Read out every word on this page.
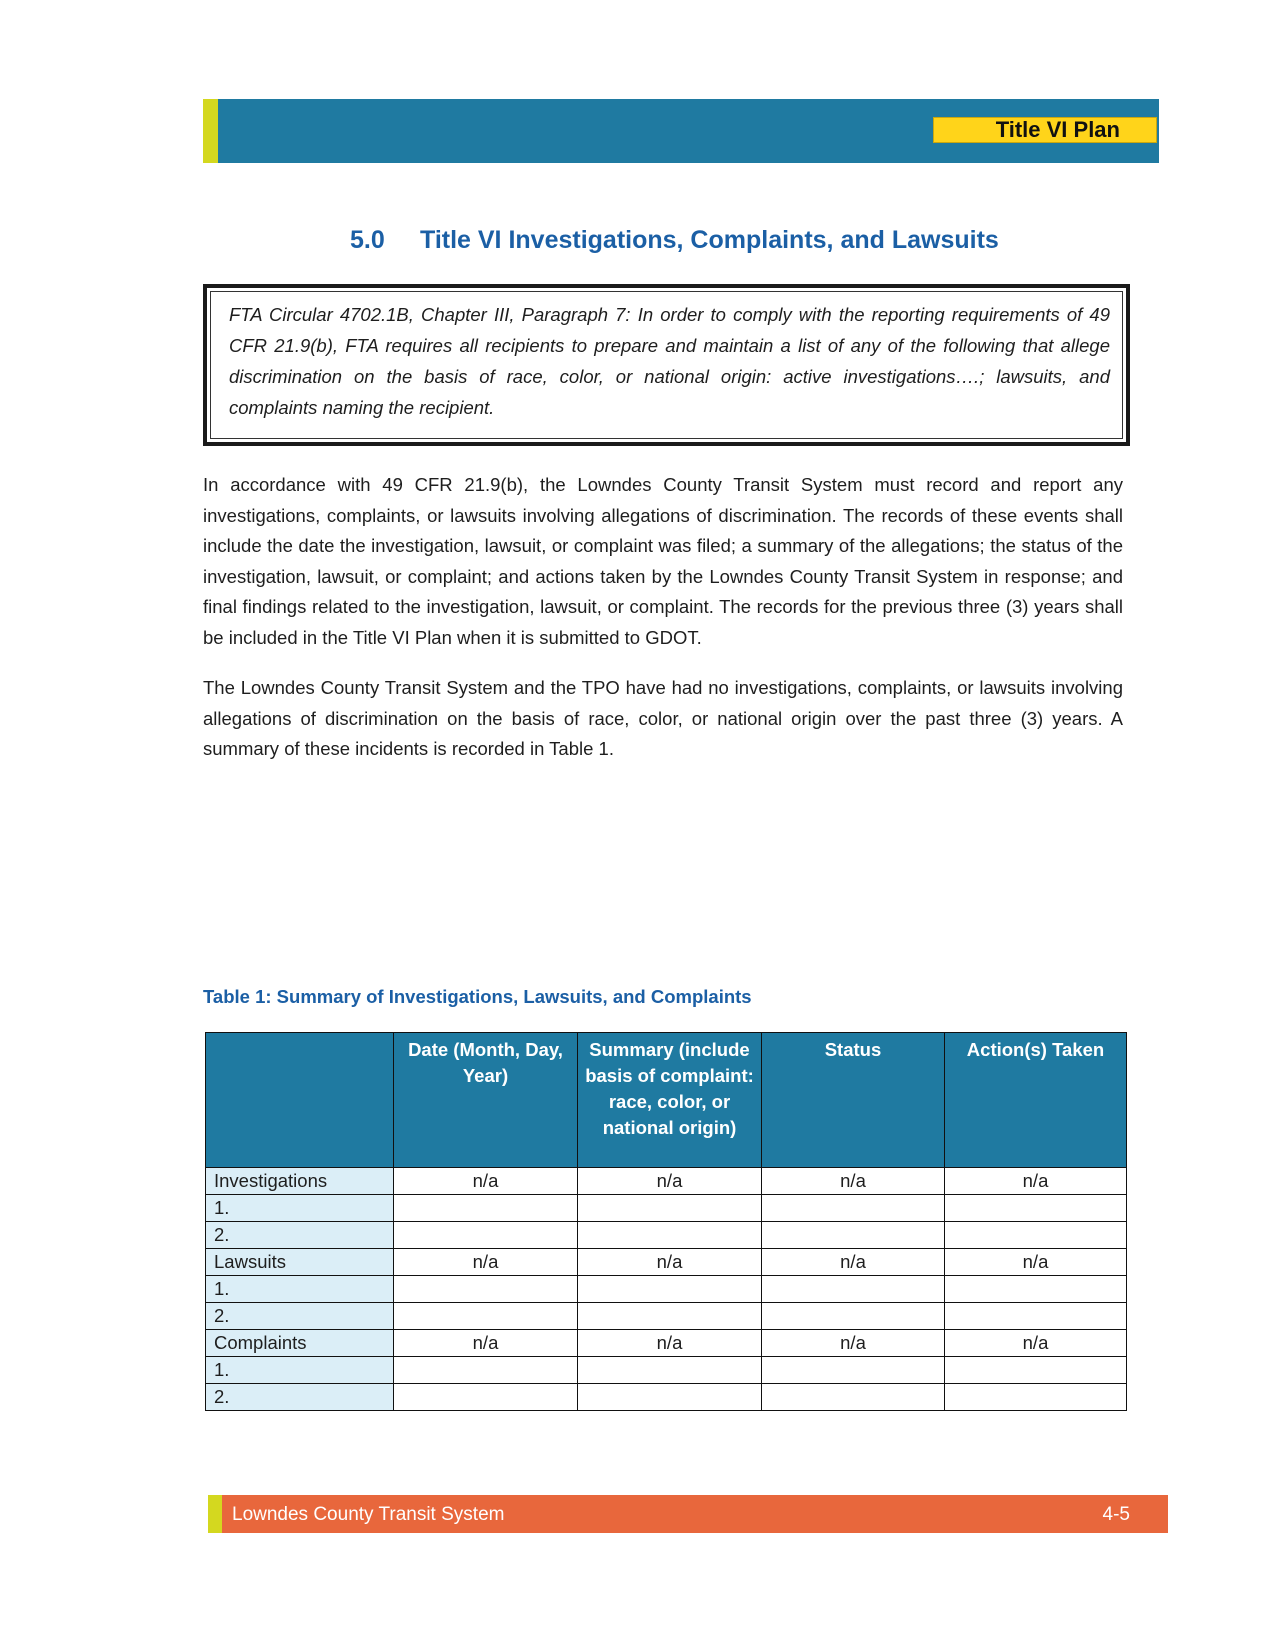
Title VI Plan
5.0 Title VI Investigations, Complaints, and Lawsuits
FTA Circular 4702.1B, Chapter III, Paragraph 7: In order to comply with the reporting requirements of 49 CFR 21.9(b), FTA requires all recipients to prepare and maintain a list of any of the following that allege discrimination on the basis of race, color, or national origin: active investigations….; lawsuits, and complaints naming the recipient.

In accordance with 49 CFR 21.9(b), the Lowndes County Transit System must record and report any investigations, complaints, or lawsuits involving allegations of discrimination. The records of these events shall include the date the investigation, lawsuit, or complaint was filed; a summary of the allegations; the status of the investigation, lawsuit, or complaint; and actions taken by the Lowndes County Transit System in response; and final findings related to the investigation, lawsuit, or complaint. The records for the previous three (3) years shall be included in the Title VI Plan when it is submitted to GDOT.

The Lowndes County Transit System and the TPO have had no investigations, complaints, or lawsuits involving allegations of discrimination on the basis of race, color, or national origin over the past three (3) years. A summary of these incidents is recorded in Table 1.

Table 1: Summary of Investigations, Lawsuits, and Complaints
	Date (Month, Day, Year)	Summary (include basis of complaint: race, color, or national origin)	Status	Action(s) Taken
Investigations	n/a	n/a	n/a	n/a
1.				
2.				
Lawsuits	n/a	n/a	n/a	n/a
1.				
2.				
Complaints	n/a	n/a	n/a	n/a
1.				
2.				
Lowndes County Transit System	4-5
